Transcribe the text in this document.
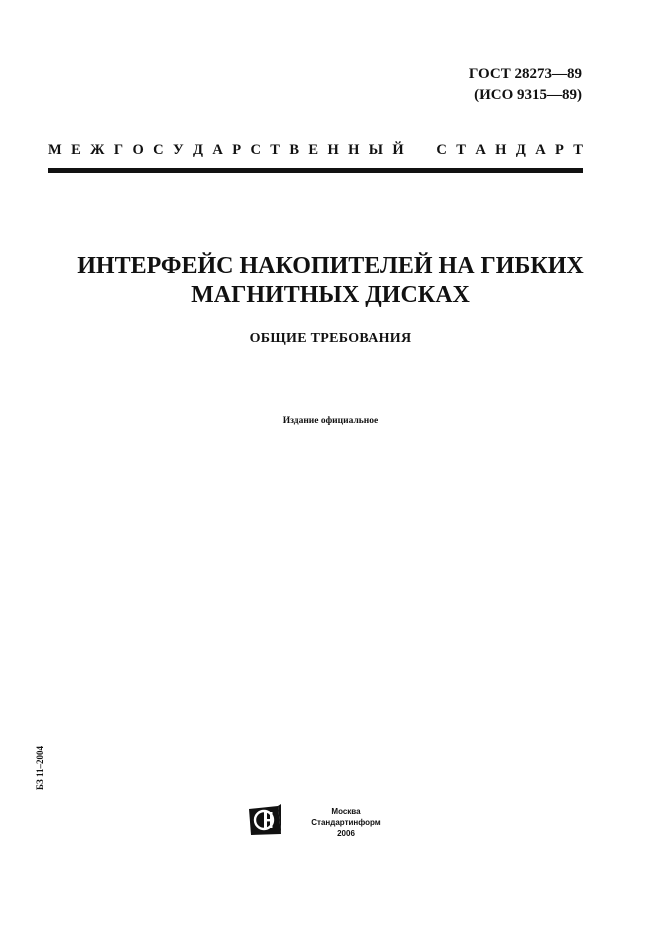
ГОСТ 28273—89
(ИСО 9315—89)
М Е Ж Г О С У Д А Р С Т В Е Н Н Ы Й С Т А Н Д А Р Т
ИНТЕРФЕЙС НАКОПИТЕЛЕЙ НА ГИБКИХ
МАГНИТНЫХ ДИСКАХ
ОБЩИЕ ТРЕБОВАНИЯ
Издание официальное
БЗ 11–2004
Москва
Стандартинформ
2006
